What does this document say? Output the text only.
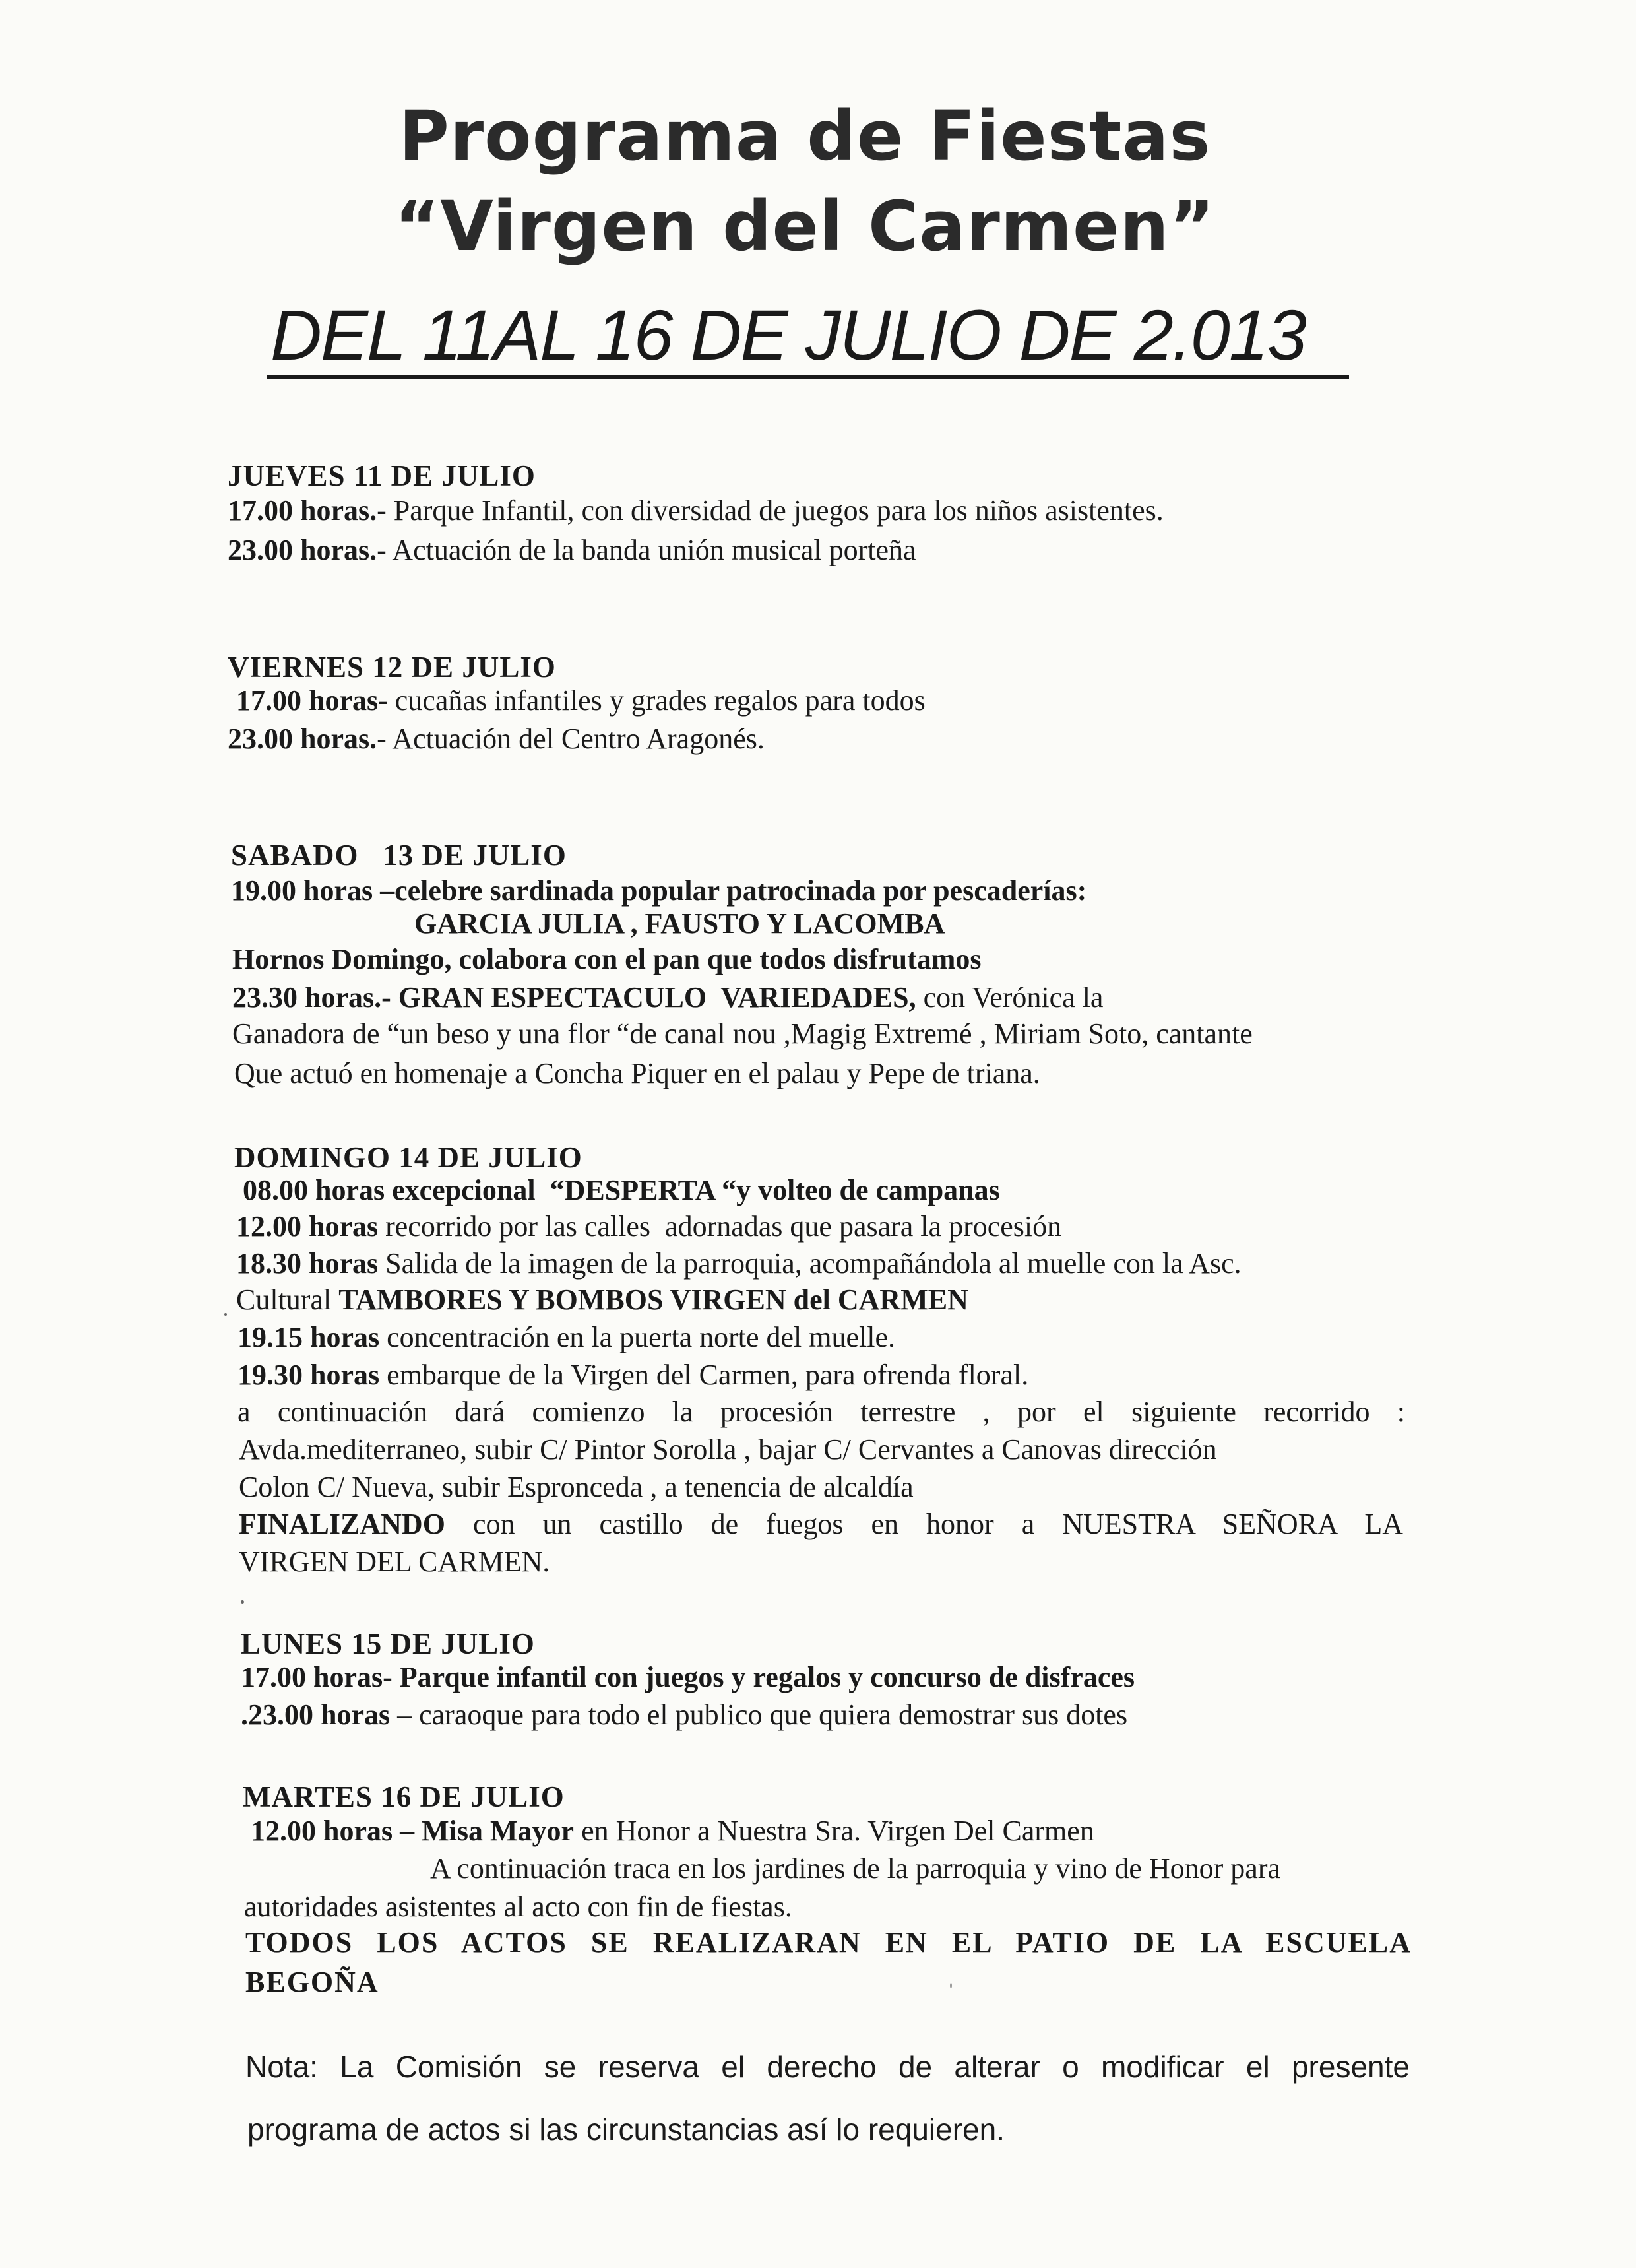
Programa de Fiestas
“Virgen del Carmen”
DEL 11AL 16 DE JULIO DE 2.013
JUEVES 11 DE JULIO
17.00 horas.- Parque Infantil, con diversidad de juegos para los niños asistentes.
23.00 horas.- Actuación de la banda unión musical porteña
VIERNES 12 DE JULIO
17.00 horas- cucañas infantiles y grades regalos para todos
23.00 horas.- Actuación del Centro Aragonés.
SABADO   13 DE JULIO
19.00 horas –celebre sardinada popular patrocinada por pescaderías:
GARCIA JULIA , FAUSTO Y LACOMBA
Hornos Domingo, colabora con el pan que todos disfrutamos
23.30 horas.- GRAN ESPECTACULO  VARIEDADES, con Verónica la
Ganadora de “un beso y una flor “de canal nou ,Magig Extremé , Miriam Soto, cantante
Que actuó en homenaje a Concha Piquer en el palau y Pepe de triana.
DOMINGO 14 DE JULIO
08.00 horas excepcional  “DESPERTA “y volteo de campanas
12.00 horas recorrido por las calles  adornadas que pasara la procesión
18.30 horas Salida de la imagen de la parroquia, acompañándola al muelle con la Asc.
Cultural TAMBORES Y BOMBOS VIRGEN del CARMEN
19.15 horas concentración en la puerta norte del muelle.
19.30 horas embarque de la Virgen del Carmen, para ofrenda floral.
a continuación dará comienzo la procesión terrestre , por el siguiente recorrido :
Avda.mediterraneo, subir C/ Pintor Sorolla , bajar C/ Cervantes a Canovas dirección
Colon C/ Nueva, subir Espronceda , a tenencia de alcaldía
FINALIZANDO con un castillo de fuegos en honor a NUESTRA SEÑORA LA
VIRGEN DEL CARMEN.
LUNES 15 DE JULIO
17.00 horas- Parque infantil con juegos y regalos y concurso de disfraces
.23.00 horas – caraoque para todo el publico que quiera demostrar sus dotes
MARTES 16 DE JULIO
12.00 horas – Misa Mayor en Honor a Nuestra Sra. Virgen Del Carmen
A continuación traca en los jardines de la parroquia y vino de Honor para
autoridades asistentes al acto con fin de fiestas.
TODOS LOS ACTOS SE REALIZARAN EN EL PATIO DE LA ESCUELA
BEGOÑA
Nota: La Comisión se reserva el derecho de alterar o modificar el presente
programa de actos si las circunstancias así lo requieren.
